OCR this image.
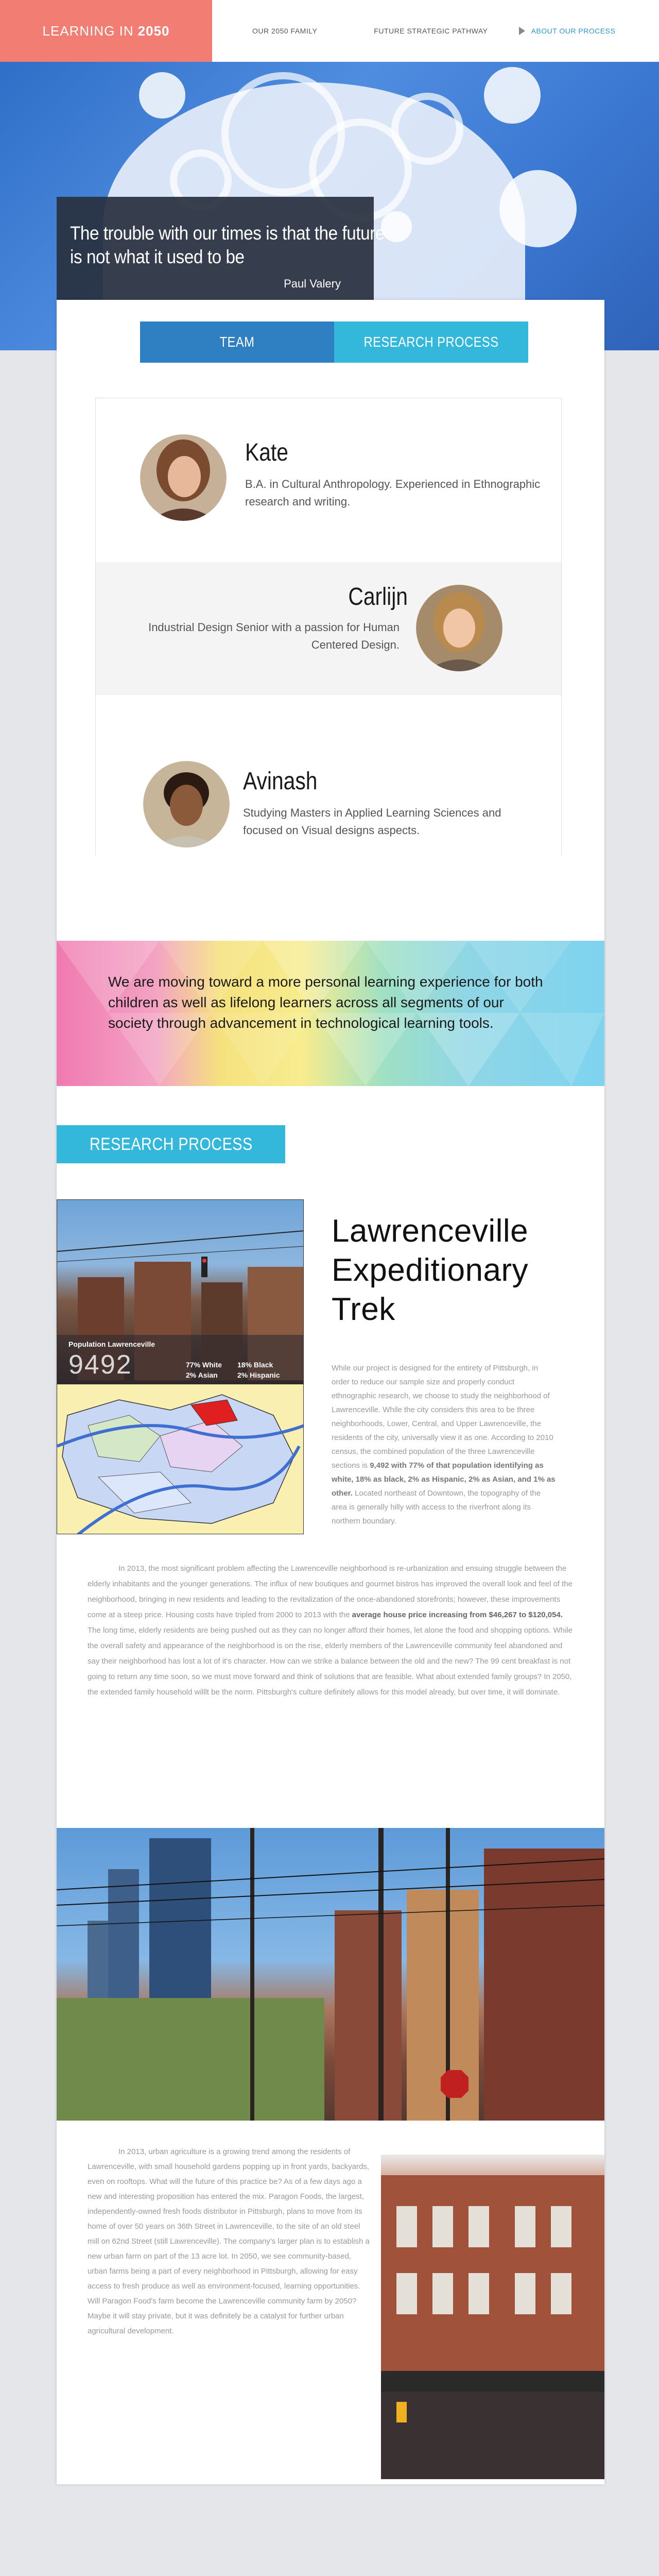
LEARNING IN 2050	OUR 2050 FAMILY	FUTURE STRATEGIC PATHWAY	ABOUT OUR PROCESS
The trouble with our times is that the future is not what it used to be
Paul Valery
TEAM	RESEARCH PROCESS
Kate
B.A. in Cultural Anthropology. Experienced in Ethnographic research and writing.
Carlijn
Industrial Design Senior with a passion for Human Centered Design.
Avinash
Studying Masters in Applied Learning Sciences and focused on Visual designs aspects.
We are moving toward a more personal learning experience for both children as well as lifelong learners across all segments of our society through advancement in technological learning tools.
RESEARCH PROCESS
Population Lawrenceville
9492	77% White 18% Black
2% Asian	2% Hispanic
Lawrenceville Expeditionary Trek
While our project is designed for the entirety of Pittsburgh, in order to reduce our sample size and properly conduct ethnographic research, we choose to study the neighborhood of Lawrenceville. While the city considers this area to be three neighborhoods, Lower, Central, and Upper Lawrenceville, the residents of the city, universally view it as one. According to 2010 census, the combined population of the three Lawrenceville sections is 9,492 with 77% of that population identifying as white, 18% as black, 2% as Hispanic, 2% as Asian, and 1% as other. Located northeast of Downtown, the topography of the area is generally hilly with access to the riverfront along its northern boundary.
In 2013, the most significant problem affecting the Lawrenceville neighborhood is re-urbanization and ensuing struggle between the elderly inhabitants and the younger generations. The influx of new boutiques and gourmet bistros has improved the overall look and feel of the neighborhood, bringing in new residents and leading to the revitalization of the once-abandoned storefronts; however, these improvements come at a steep price. Housing costs have tripled from 2000 to 2013 with the average house price increasing from $46,267 to $120,054. The long time, elderly residents are being pushed out as they can no longer afford their homes, let alone the food and shopping options. While the overall safety and appearance of the neighborhood is on the rise, elderly members of the Lawrenceville community feel abandoned and say their neighborhood has lost a lot of it's character. How can we strike a balance between the old and the new? The 99 cent breakfast is not going to return any time soon, so we must move forward and think of solutions that are feasible. What about extended family groups? In 2050, the extended family household willlt be the norm. Pittsburgh's culture definitely allows for this model already, but over time, it will dominate.
In 2013, urban agriculture is a growing trend among the residents of Lawrenceville, with small household gardens popping up in front yards, backyards, even on rooftops. What will the future of this practice be? As of a few days ago a new and interesting proposition has entered the mix. Paragon Foods, the largest, independently-owned fresh foods distributor in Pittsburgh, plans to move from its home of over 50 years on 36th Street in Lawrenceville, to the site of an old steel mill on 62nd Street (still Lawrenceville). The company's larger plan is to establish a new urban farm on part of the 13 acre lot. In 2050, we see community-based, urban farms being a part of every neighborhood in Pittsburgh, allowing for easy access to fresh produce as well as environment-focused, learning opportunities. Will Paragon Food's farm become the Lawrenceville community farm by 2050? Maybe it will stay private, but it was definitely be a catalyst for further urban agricultural development.
